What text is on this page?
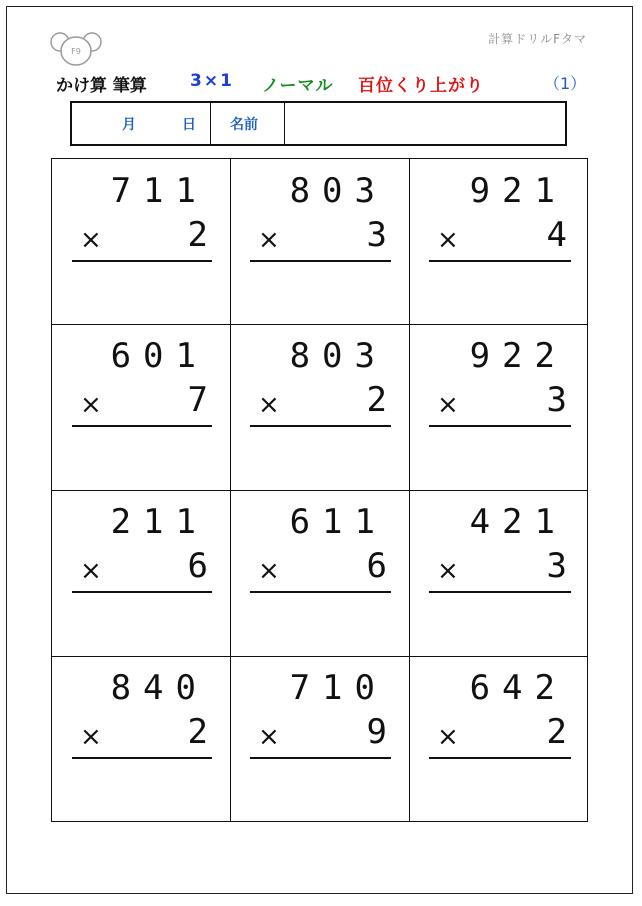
F9
計算ドリルFタマ
かけ算 筆算	3×1 ノーマル 百位くり上がり	（1）
月	日 名前
711
×	2
803
×	3
921
×	4
601
×	7
803
×	2
922
×	3
211
×	6
611
×	6
421
×	3
840
×	2
710
×	9
642
×	2
